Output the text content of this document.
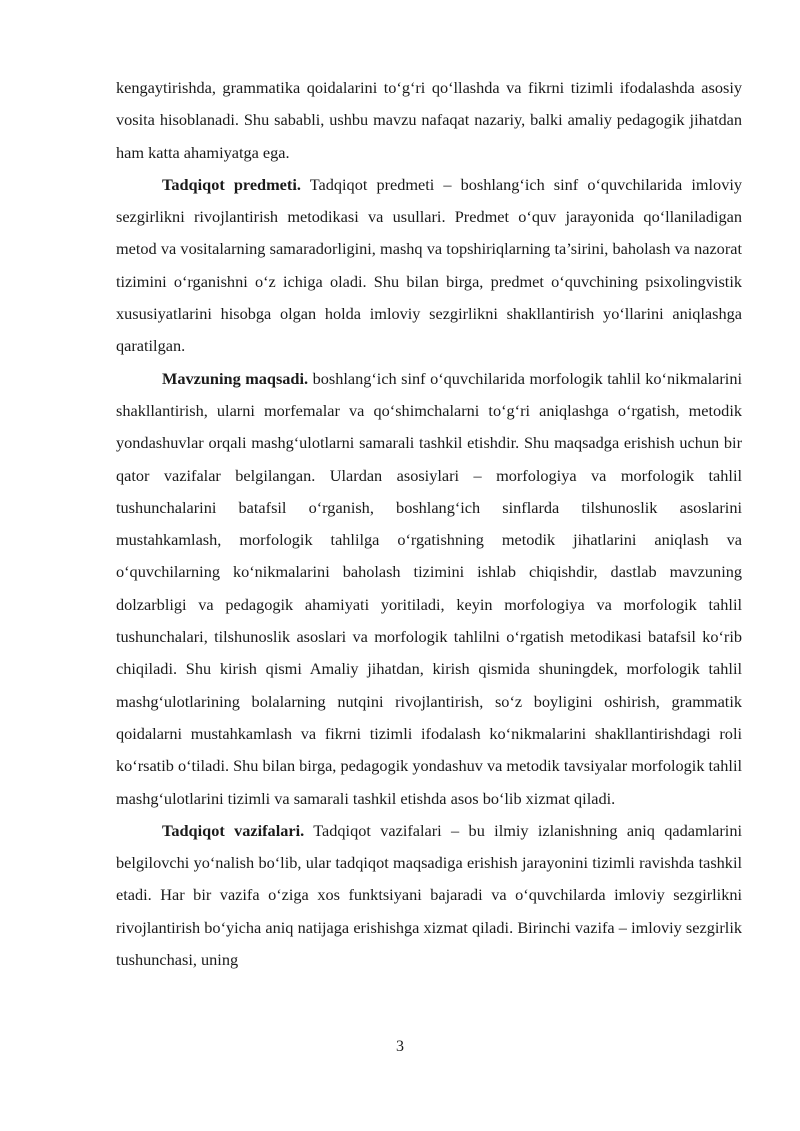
kengaytirishda, grammatika qoidalarini to‘g‘ri qo‘llashda va fikrni tizimli ifodalashda asosiy vosita hisoblanadi. Shu sababli, ushbu mavzu nafaqat nazariy, balki amaliy pedagogik jihatdan ham katta ahamiyatga ega.

Tadqiqot predmeti. Tadqiqot predmeti – boshlang‘ich sinf o‘quvchilarida imloviy sezgirlikni rivojlantirish metodikasi va usullari. Predmet o‘quv jarayonida qo‘llaniladigan metod va vositalarning samaradorligini, mashq va topshiriqlarning ta’sirini, baholash va nazorat tizimini o‘rganishni o‘z ichiga oladi. Shu bilan birga, predmet o‘quvchining psixolingvistik xususiyatlarini hisobga olgan holda imloviy sezgirlikni shakllantirish yo‘llarini aniqlashga qaratilgan.

Mavzuning maqsadi. boshlang‘ich sinf o‘quvchilarida morfologik tahlil ko‘nikmalarini shakllantirish, ularni morfemalar va qo‘shimchalarni to‘g‘ri aniqlashga o‘rgatish, metodik yondashuvlar orqali mashg‘ulotlarni samarali tashkil etishdir. Shu maqsadga erishish uchun bir qator vazifalar belgilangan. Ulardan asosiylari – morfologiya va morfologik tahlil tushunchalarini batafsil o‘rganish, boshlang‘ich sinflarda tilshunoslik asoslarini mustahkamlash, morfologik tahlilga o‘rgatishning metodik jihatlarini aniqlash va o‘quvchilarning ko‘nikmalarini baholash tizimini ishlab chiqishdir, dastlab mavzuning dolzarbligi va pedagogik ahamiyati yoritiladi, keyin morfologiya va morfologik tahlil tushunchalari, tilshunoslik asoslari va morfologik tahlilni o‘rgatish metodikasi batafsil ko‘rib chiqiladi. Shu kirish qismi Amaliy jihatdan, kirish qismida shuningdek, morfologik tahlil mashg‘ulotlarining bolalarning nutqini rivojlantirish, so‘z boyligini oshirish, grammatik qoidalarni mustahkamlash va fikrni tizimli ifodalash ko‘nikmalarini shakllantirishdagi roli ko‘rsatib o‘tiladi. Shu bilan birga, pedagogik yondashuv va metodik tavsiyalar morfologik tahlil mashg‘ulotlarini tizimli va samarali tashkil etishda asos bo‘lib xizmat qiladi.

Tadqiqot vazifalari. Tadqiqot vazifalari – bu ilmiy izlanishning aniq qadamlarini belgilovchi yo‘nalish bo‘lib, ular tadqiqot maqsadiga erishish jarayonini tizimli ravishda tashkil etadi. Har bir vazifa o‘ziga xos funktsiyani bajaradi va o‘quvchilarda imloviy sezgirlikni rivojlantirish bo‘yicha aniq natijaga erishishga xizmat qiladi. Birinchi vazifa – imloviy sezgirlik tushunchasi, uning

3
